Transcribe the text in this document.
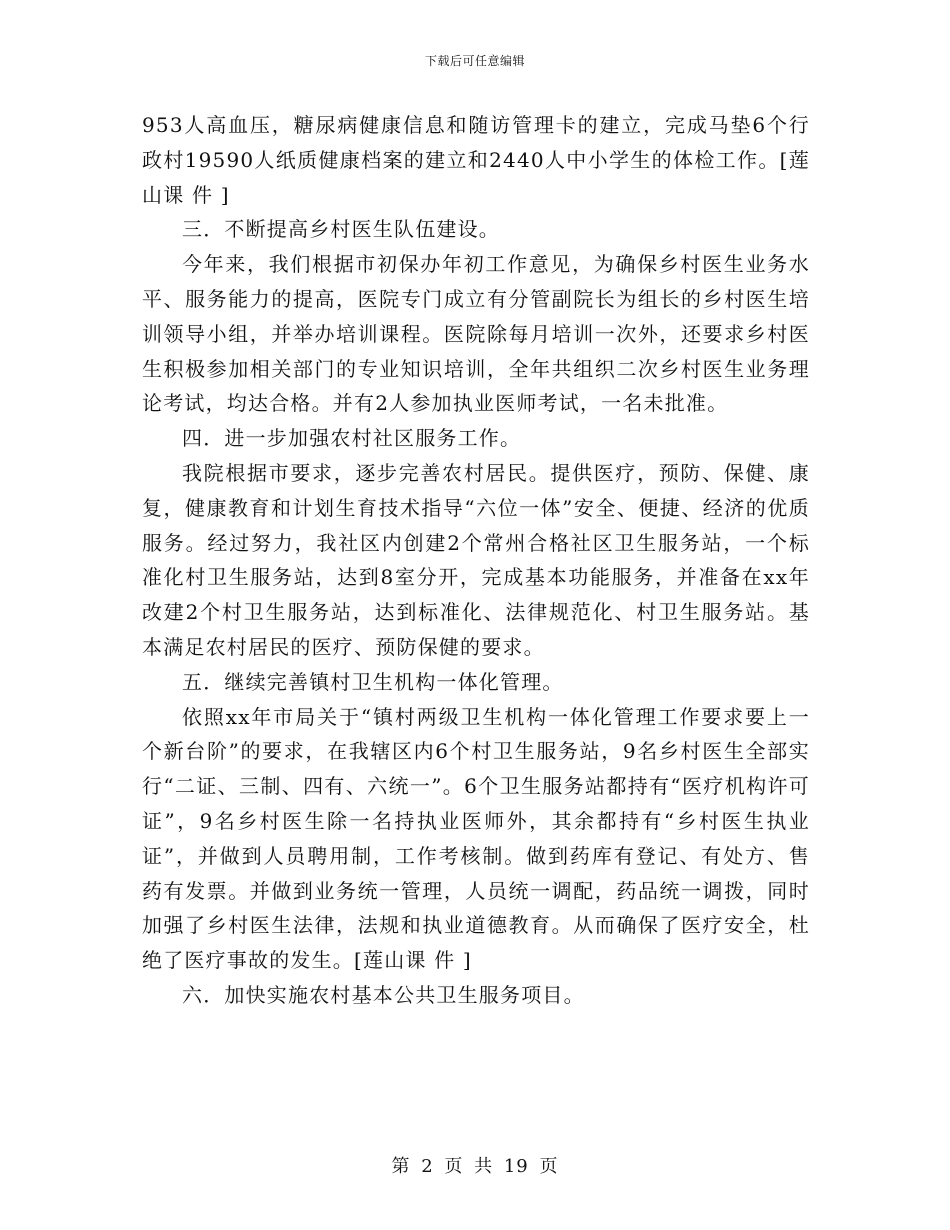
下载后可任意编辑

953人高血压，糖尿病健康信息和随访管理卡的建立，完成马垫6个行政村19590人纸质健康档案的建立和2440人中小学生的体检工作。[莲山课 件 ]

三．不断提高乡村医生队伍建设。

今年来，我们根据市初保办年初工作意见，为确保乡村医生业务水平、服务能力的提高，医院专门成立有分管副院长为组长的乡村医生培训领导小组，并举办培训课程。医院除每月培训一次外，还要求乡村医生积极参加相关部门的专业知识培训，全年共组织二次乡村医生业务理论考试，均达合格。并有2人参加执业医师考试，一名未批准。

四．进一步加强农村社区服务工作。

我院根据市要求，逐步完善农村居民。提供医疗，预防、保健、康复，健康教育和计划生育技术指导“六位一体”安全、便捷、经济的优质服务。经过努力，我社区内创建2个常州合格社区卫生服务站，一个标准化村卫生服务站，达到8室分开，完成基本功能服务，并准备在xx年改建2个村卫生服务站，达到标准化、法律规范化、村卫生服务站。基本满足农村居民的医疗、预防保健的要求。

五．继续完善镇村卫生机构一体化管理。

依照xx年市局关于“镇村两级卫生机构一体化管理工作要求要上一个新台阶”的要求，在我辖区内6个村卫生服务站，9名乡村医生全部实行“二证、三制、四有、六统一”。6个卫生服务站都持有“医疗机构许可证”，9名乡村医生除一名持执业医师外，其余都持有“乡村医生执业证”，并做到人员聘用制，工作考核制。做到药库有登记、有处方、售药有发票。并做到业务统一管理，人员统一调配，药品统一调拨，同时加强了乡村医生法律，法规和执业道德教育。从而确保了医疗安全，杜绝了医疗事故的发生。[莲山课 件 ]

六．加快实施农村基本公共卫生服务项目。

第 2 页 共 19 页
